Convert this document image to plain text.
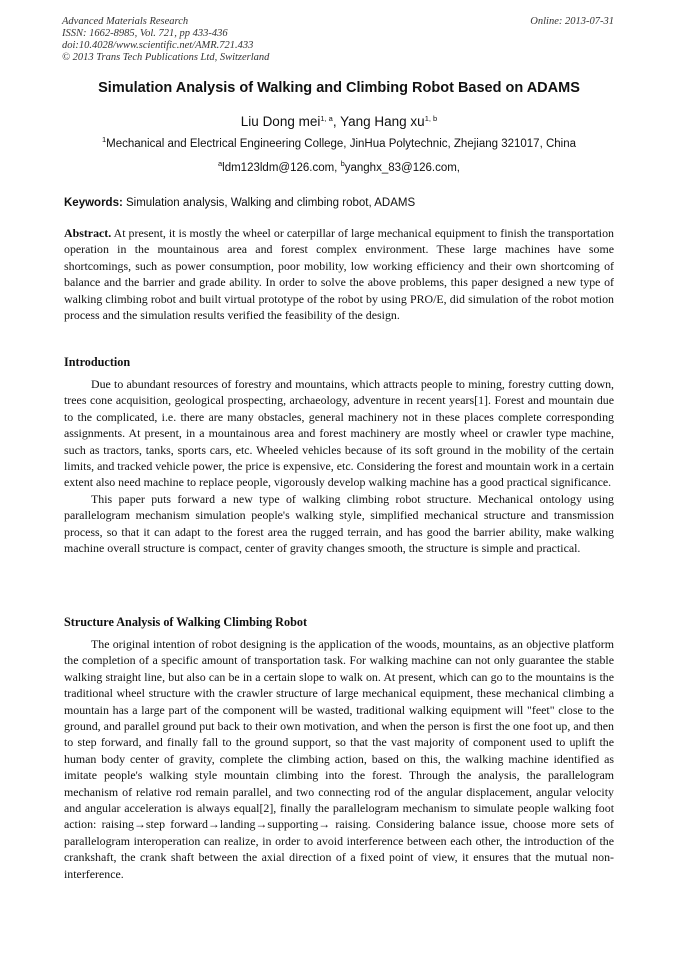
Advanced Materials Research
ISSN: 1662-8985, Vol. 721, pp 433-436
doi:10.4028/www.scientific.net/AMR.721.433
© 2013 Trans Tech Publications Ltd, Switzerland
Online: 2013-07-31
Simulation Analysis of Walking and Climbing Robot Based on ADAMS
Liu Dong mei$^{1, a}$, Yang Hang xu$^{1, b}$
$^1$Mechanical and Electrical Engineering College, JinHua Polytechnic, Zhejiang 321017, China
$^a$ldm123ldm@126.com, $^b$yanghx_83@126.com,
Keywords: Simulation analysis, Walking and climbing robot, ADAMS

Abstract. At present, it is mostly the wheel or caterpillar of large mechanical equipment to finish the transportation operation in the mountainous area and forest complex environment. These large machines have some shortcomings, such as power consumption, poor mobility, low working efficiency and their own shortcoming of balance and the barrier and grade ability. In order to solve the above problems, this paper designed a new type of walking climbing robot and built virtual prototype of the robot by using PRO/E, did simulation of the robot motion process and the simulation results verified the feasibility of the design.

Introduction

Due to abundant resources of forestry and mountains, which attracts people to mining, forestry cutting down, trees cone acquisition, geological prospecting, archaeology, adventure in recent years[1]. Forest and mountain due to the complicated, i.e. there are many obstacles, general machinery not in these places complete corresponding assignments. At present, in a mountainous area and forest machinery are mostly wheel or crawler type machine, such as tractors, tanks, sports cars, etc. Wheeled vehicles because of its soft ground in the mobility of the certain limits, and tracked vehicle power, the price is expensive, etc. Considering the forest and mountain work in a certain extent also need machine to replace people, vigorously develop walking machine has a good practical significance.

This paper puts forward a new type of walking climbing robot structure. Mechanical ontology using parallelogram mechanism simulation people's walking style, simplified mechanical structure and transmission process, so that it can adapt to the forest area the rugged terrain, and has good the barrier ability, make walking machine overall structure is compact, center of gravity changes smooth, the structure is simple and practical.

Structure Analysis of Walking Climbing Robot

The original intention of robot designing is the application of the woods, mountains, as an objective platform the completion of a specific amount of transportation task. For walking machine can not only guarantee the stable walking straight line, but also can be in a certain slope to walk on. At present, which can go to the mountains is the traditional wheel structure with the crawler structure of large mechanical equipment, these mechanical climbing a mountain has a large part of the component will be wasted, traditional walking equipment will "feet" close to the ground, and parallel ground put back to their own motivation, and when the person is first the one foot up, and then to step forward, and finally fall to the ground support, so that the vast majority of component used to uplift the human body center of gravity, complete the climbing action, based on this, the walking machine identified as imitate people's walking style mountain climbing into the forest. Through the analysis, the parallelogram mechanism of relative rod remain parallel, and two connecting rod of the angular displacement, angular velocity and angular acceleration is always equal[2], finally the parallelogram mechanism to simulate people walking foot action: raising→step forward→landing→supporting→ raising. Considering balance issue, choose more sets of parallelogram interoperation can realize, in order to avoid interference between each other, the introduction of the crankshaft, the crank shaft between the axial direction of a fixed point of view, it ensures that the mutual non-interference.
